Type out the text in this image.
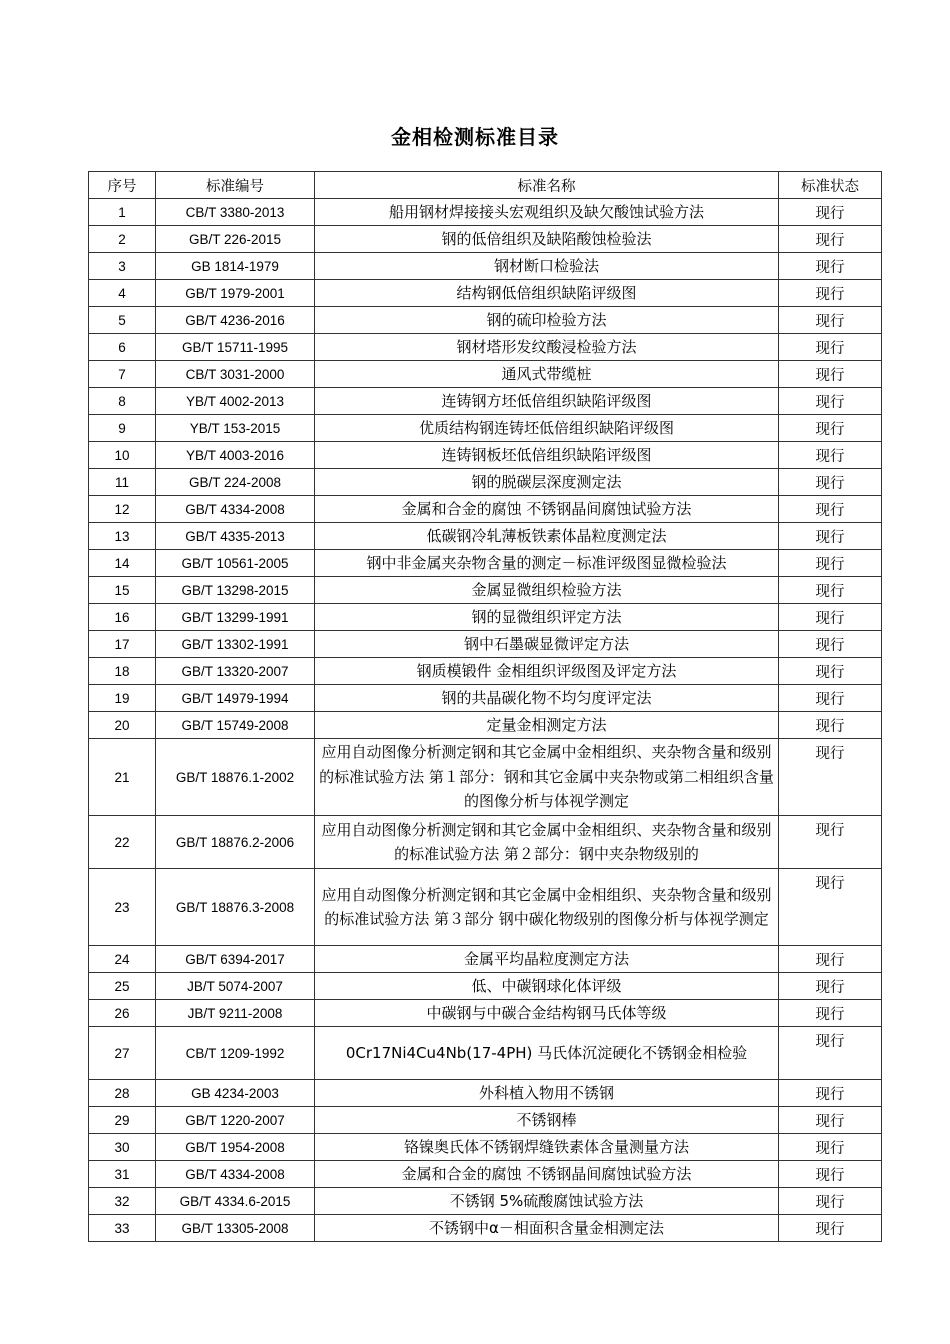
金相检测标准目录
序号	标准编号	标准名称	标准状态
1	CB/T 3380-2013	船用钢材焊接接头宏观组织及缺欠酸蚀试验方法	现行
2	GB/T 226-2015	钢的低倍组织及缺陷酸蚀检验法	现行
3	GB 1814-1979	钢材断口检验法	现行
4	GB/T 1979-2001	结构钢低倍组织缺陷评级图	现行
5	GB/T 4236-2016	钢的硫印检验方法	现行
6	GB/T 15711-1995	钢材塔形发纹酸浸检验方法	现行
7	CB/T 3031-2000	通风式带缆桩	现行
8	YB/T 4002-2013	连铸钢方坯低倍组织缺陷评级图	现行
9	YB/T 153-2015	优质结构钢连铸坯低倍组织缺陷评级图	现行
10	YB/T 4003-2016	连铸钢板坯低倍组织缺陷评级图	现行
11	GB/T 224-2008	钢的脱碳层深度测定法	现行
12	GB/T 4334-2008	金属和合金的腐蚀 不锈钢晶间腐蚀试验方法	现行
13	GB/T 4335-2013	低碳钢冷轧薄板铁素体晶粒度测定法	现行
14	GB/T 10561-2005	钢中非金属夹杂物含量的测定－标准评级图显微检验法	现行
15	GB/T 13298-2015	金属显微组织检验方法	现行
16	GB/T 13299-1991	钢的显微组织评定方法	现行
17	GB/T 13302-1991	钢中石墨碳显微评定方法	现行
18	GB/T 13320-2007	钢质模锻件 金相组织评级图及评定方法	现行
19	GB/T 14979-1994	钢的共晶碳化物不均匀度评定法	现行
20	GB/T 15749-2008	定量金相测定方法	现行
21	GB/T 18876.1-2002	应用自动图像分析测定钢和其它金属中金相组织、夹杂物含量和级别的标准试验方法 第１部分：钢和其它金属中夹杂物或第二相组织含量的图像分析与体视学测定	现行
22	GB/T 18876.2-2006	应用自动图像分析测定钢和其它金属中金相组织、夹杂物含量和级别的标准试验方法 第２部分：钢中夹杂物级别的	现行
23	GB/T 18876.3-2008	应用自动图像分析测定钢和其它金属中金相组织、夹杂物含量和级别的标准试验方法 第３部分 钢中碳化物级别的图像分析与体视学测定	现行
24	GB/T 6394-2017	金属平均晶粒度测定方法	现行
25	JB/T 5074-2007	低、中碳钢球化体评级	现行
26	JB/T 9211-2008	中碳钢与中碳合金结构钢马氏体等级	现行
27	CB/T 1209-1992	0Cr17Ni4Cu4Nb(17-4PH) 马氏体沉淀硬化不锈钢金相检验	现行
28	GB 4234-2003	外科植入物用不锈钢	现行
29	GB/T 1220-2007	不锈钢棒	现行
30	GB/T 1954-2008	铬镍奥氏体不锈钢焊缝铁素体含量测量方法	现行
31	GB/T 4334-2008	金属和合金的腐蚀 不锈钢晶间腐蚀试验方法	现行
32	GB/T 4334.6-2015	不锈钢 5%硫酸腐蚀试验方法	现行
33	GB/T 13305-2008	不锈钢中α－相面积含量金相测定法	现行
